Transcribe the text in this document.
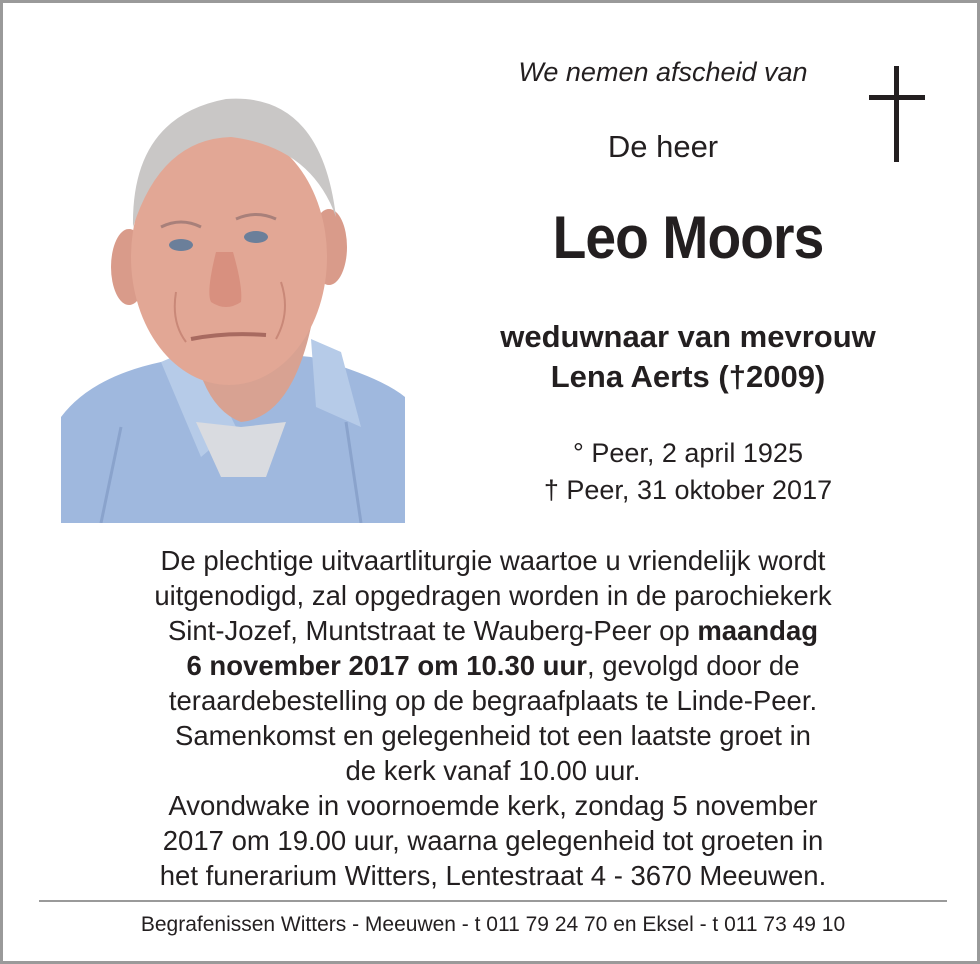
We nemen afscheid van
De heer
Leo Moors
weduwnaar van mevrouw
Lena Aerts (†2009)
° Peer, 2 april 1925
† Peer, 31 oktober 2017
De plechtige uitvaartliturgie waartoe u vriendelijk wordt
uitgenodigd, zal opgedragen worden in de parochiekerk
Sint-Jozef, Muntstraat te Wauberg-Peer op maandag
6 november 2017 om 10.30 uur, gevolgd door de
teraardebestelling op de begraafplaats te Linde-Peer.
Samenkomst en gelegenheid tot een laatste groet in
de kerk vanaf 10.00 uur.
Avondwake in voornoemde kerk, zondag 5 november
2017 om 19.00 uur, waarna gelegenheid tot groeten in
het funerarium Witters, Lentestraat 4 - 3670 Meeuwen.
Begrafenissen Witters - Meeuwen - t 011 79 24 70 en Eksel - t 011 73 49 10
